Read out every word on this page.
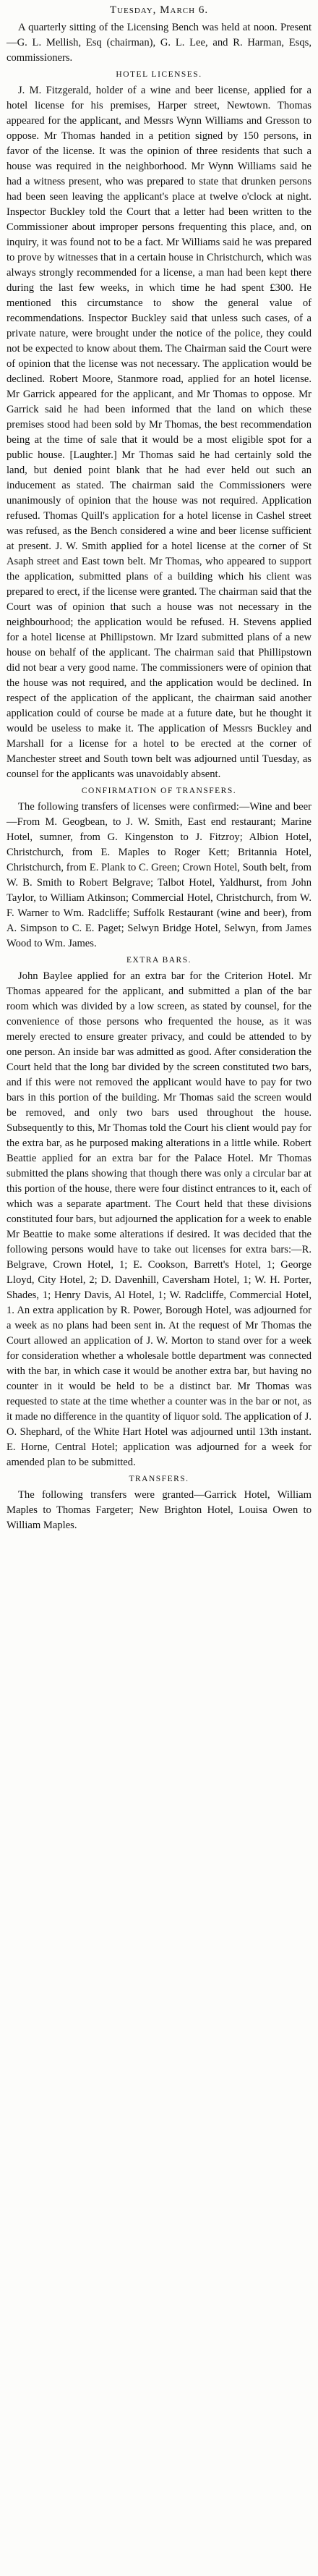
Tuesday, March 6.

A quarterly sitting of the Licensing Bench was held at noon. Present—G. L. Mellish, Esq (chairman), G. L. Lee, and R. Harman, Esqs, commissioners.

HOTEL LICENSES.

J. M. Fitzgerald, holder of a wine and beer license, applied for a hotel license for his premises, Harper street, Newtown. Thomas appeared for the applicant, and Messrs Wynn Williams and Gresson to oppose. Mr Thomas handed in a petition signed by 150 persons, in favor of the license. It was the opinion of three residents that such a house was required in the neighborhood. Mr Wynn Williams said he had a witness present, who was prepared to state that drunken persons had been seen leaving the applicant's place at twelve o'clock at night. Inspector Buckley told the Court that a letter had been written to the Commissioner about improper persons frequenting this place, and, on inquiry, it was found not to be a fact. Mr Williams said he was prepared to prove by witnesses that in a certain house in Christchurch, which was always strongly recommended for a license, a man had been kept there during the last few weeks, in which time he had spent £300. He mentioned this circumstance to show the general value of recommendations. Inspector Buckley said that unless such cases, of a private nature, were brought under the notice of the police, they could not be expected to know about them. The Chairman said the Court were of opinion that the license was not necessary. The application would be declined. Robert Moore, Stanmore road, applied for an hotel license. Mr Garrick appeared for the applicant, and Mr Thomas to oppose. Mr Garrick said he had been informed that the land on which these premises stood had been sold by Mr Thomas, the best recommendation being at the time of sale that it would be a most eligible spot for a public house. [Laughter.] Mr Thomas said he had certainly sold the land, but denied point blank that he had ever held out such an inducement as stated. The chairman said the Commissioners were unanimously of opinion that the house was not required. Application refused. Thomas Quill's application for a hotel license in Cashel street was refused, as the Bench considered a wine and beer license sufficient at present. J. W. Smith applied for a hotel license at the corner of St Asaph street and East town belt. Mr Thomas, who appeared to support the application, submitted plans of a building which his client was prepared to erect, if the license were granted. The chairman said that the Court was of opinion that such a house was not necessary in the neighbourhood; the application would be refused. H. Stevens applied for a hotel license at Phillipstown. Mr Izard submitted plans of a new house on behalf of the applicant. The chairman said that Phillipstown did not bear a very good name. The commissioners were of opinion that the house was not required, and the application would be declined. In respect of the application of the applicant, the chairman said another application could of course be made at a future date, but he thought it would be useless to make it. The application of Messrs Buckley and Marshall for a license for a hotel to be erected at the corner of Manchester street and South town belt was adjourned until Tuesday, as counsel for the applicants was unavoidably absent.

CONFIRMATION OF TRANSFERS.

The following transfers of licenses were confirmed:—Wine and beer—From M. Geogbean, to J. W. Smith, East end restaurant; Marine Hotel, sumner, from G. Kingenston to J. Fitzroy; Albion Hotel, Christchurch, from E. Maples to Roger Kett; Britannia Hotel, Christchurch, from E. Plank to C. Green; Crown Hotel, South belt, from W. B. Smith to Robert Belgrave; Talbot Hotel, Yaldhurst, from John Taylor, to William Atkinson; Commercial Hotel, Christchurch, from W. F. Warner to Wm. Radcliffe; Suffolk Restaurant (wine and beer), from A. Simpson to C. E. Paget; Selwyn Bridge Hotel, Selwyn, from James Wood to Wm. James.

EXTRA BARS.

John Baylee applied for an extra bar for the Criterion Hotel. Mr Thomas appeared for the applicant, and submitted a plan of the bar room which was divided by a low screen, as stated by counsel, for the convenience of those persons who frequented the house, as it was merely erected to ensure greater privacy, and could be attended to by one person. An inside bar was admitted as good. After consideration the Court held that the long bar divided by the screen constituted two bars, and if this were not removed the applicant would have to pay for two bars in this portion of the building. Mr Thomas said the screen would be removed, and only two bars used throughout the house. Subsequently to this, Mr Thomas told the Court his client would pay for the extra bar, as he purposed making alterations in a little while. Robert Beattie applied for an extra bar for the Palace Hotel. Mr Thomas submitted the plans showing that though there was only a circular bar at this portion of the house, there were four distinct entrances to it, each of which was a separate apartment. The Court held that these divisions constituted four bars, but adjourned the application for a week to enable Mr Beattie to make some alterations if desired. It was decided that the following persons would have to take out licenses for extra bars:—R. Belgrave, Crown Hotel, 1; E. Cookson, Barrett's Hotel, 1; George Lloyd, City Hotel, 2; D. Davenhill, Caversham Hotel, 1; W. H. Porter, Shades, 1; Henry Davis, Al Hotel, 1; W. Radcliffe, Commercial Hotel, 1. An extra application by R. Power, Borough Hotel, was adjourned for a week as no plans had been sent in. At the request of Mr Thomas the Court allowed an application of J. W. Morton to stand over for a week for consideration whether a wholesale bottle department was connected with the bar, in which case it would be another extra bar, but having no counter in it would be held to be a distinct bar. Mr Thomas was requested to state at the time whether a counter was in the bar or not, as it made no difference in the quantity of liquor sold. The application of J. O. Shephard, of the White Hart Hotel was adjourned until 13th instant. E. Horne, Central Hotel; application was adjourned for a week for amended plan to be submitted.

TRANSFERS.

The following transfers were granted—Garrick Hotel, William Maples to Thomas Fargeter; New Brighton Hotel, Louisa Owen to William Maples.
